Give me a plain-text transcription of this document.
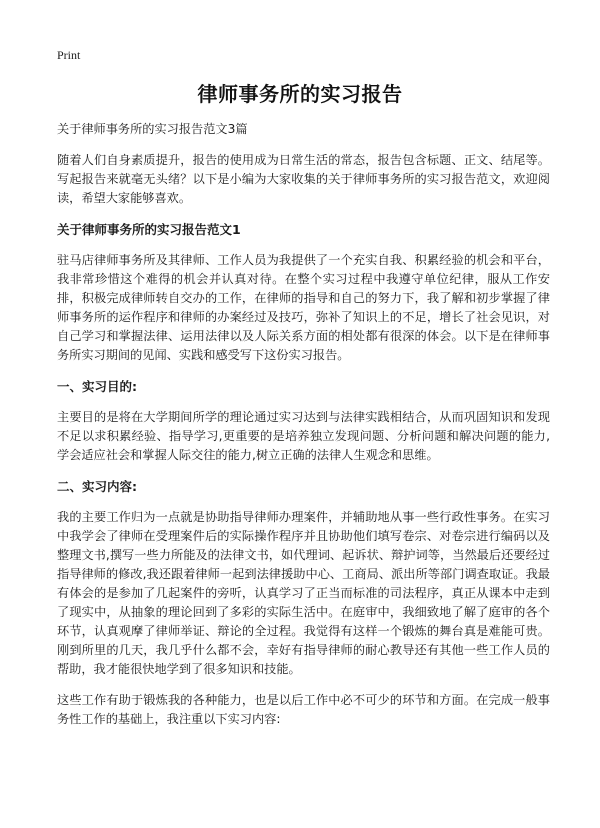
Print
律师事务所的实习报告

关于律师事务所的实习报告范文3篇

随着人们自身素质提升，报告的使用成为日常生活的常态，报告包含标题、正文、结尾等。写起报告来就毫无头绪？以下是小编为大家收集的关于律师事务所的实习报告范文，欢迎阅读，希望大家能够喜欢。

关于律师事务所的实习报告范文1

驻马店律师事务所及其律师、工作人员为我提供了一个充实自我、积累经验的机会和平台，我非常珍惜这个难得的机会并认真对待。在整个实习过程中我遵守单位纪律，服从工作安排，积极完成律师转自交办的工作，在律师的指导和自己的努力下，我了解和初步掌握了律师事务所的运作程序和律师的办案经过及技巧，弥补了知识上的不足，增长了社会见识，对自己学习和掌握法律、运用法律以及人际关系方面的相处都有很深的体会。以下是在律师事务所实习期间的见闻、实践和感受写下这份实习报告。

一、实习目的:

主要目的是将在大学期间所学的理论通过实习达到与法律实践相结合，从而巩固知识和发现不足以求积累经验、指导学习,更重要的是培养独立发现问题、分析问题和解决问题的能力,学会适应社会和掌握人际交往的能力,树立正确的法律人生观念和思维。

二、实习内容:

我的主要工作归为一点就是协助指导律师办理案件，并辅助地从事一些行政性事务。在实习中我学会了律师在受理案件后的实际操作程序并且协助他们填写卷宗、对卷宗进行编码以及整理文书,撰写一些力所能及的法律文书，如代理词、起诉状、辩护词等，当然最后还要经过指导律师的修改,我还跟着律师一起到法律援助中心、工商局、派出所等部门调查取证。我最有体会的是参加了几起案件的旁听，认真学习了正当而标准的司法程序，真正从课本中走到了现实中，从抽象的理论回到了多彩的实际生活中。在庭审中，我细致地了解了庭审的各个环节，认真观摩了律师举证、辩论的全过程。我觉得有这样一个锻炼的舞台真是难能可贵。刚到所里的几天，我几乎什么都不会，幸好有指导律师的耐心教导还有其他一些工作人员的帮助，我才能很快地学到了很多知识和技能。

这些工作有助于锻炼我的各种能力，也是以后工作中必不可少的环节和方面。在完成一般事务性工作的基础上，我注重以下实习内容:
